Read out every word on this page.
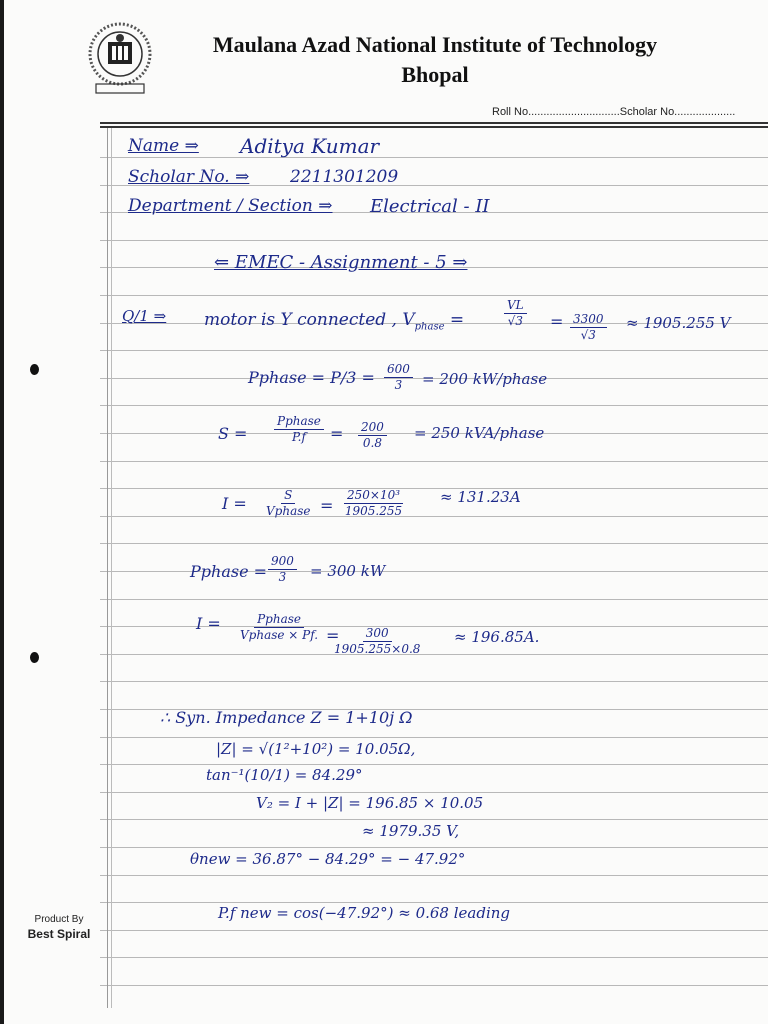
Maulana Azad National Institute of Technology
Bhopal
Roll No..............................Scholar No....................
Name ⇒ Aditya Kumar
Scholar No. ⇒ 2211301209
Department / Section ⇒ Electrical - II
⇐ EMEC - Assignment - 5 ⇒
Q/1 ⇒ motor is Y connected , $V_{phase}$ =	$\frac{VL}{√3} = \frac{3300}{√3} \approx 1905.255$ V
Pphase = $P/3 = \frac{600}{3} = 200$ kW/phase
S =
Pphase
$P.f = \frac{200}{0.8} = 250$ kVA/phase
I =	S
Vphase = $\frac{\text{250×10³}}{1905.255} \approx 131.23A$
Pphase = $\frac{900}{3} = 300$ kW
I =	Pphase
Vphase × Pf. =
$\frac{300}{1905.255\times 0.8} \approx 196.85A$.
∴ Syn. Impedance Z = 1+10j Ω
|Z| = √(1²+10²) = 10.05Ω,
tan⁻¹(10/1) = 84.29°
V₂ = I + |Z| = 196.85 × 10.05
≈ 1979.35 V,
θnew = 36.87° − 84.29° = − 47.92°
P.f new = cos(−47.92°) ≈ 0.68 leading
Product By
Best Spiral
